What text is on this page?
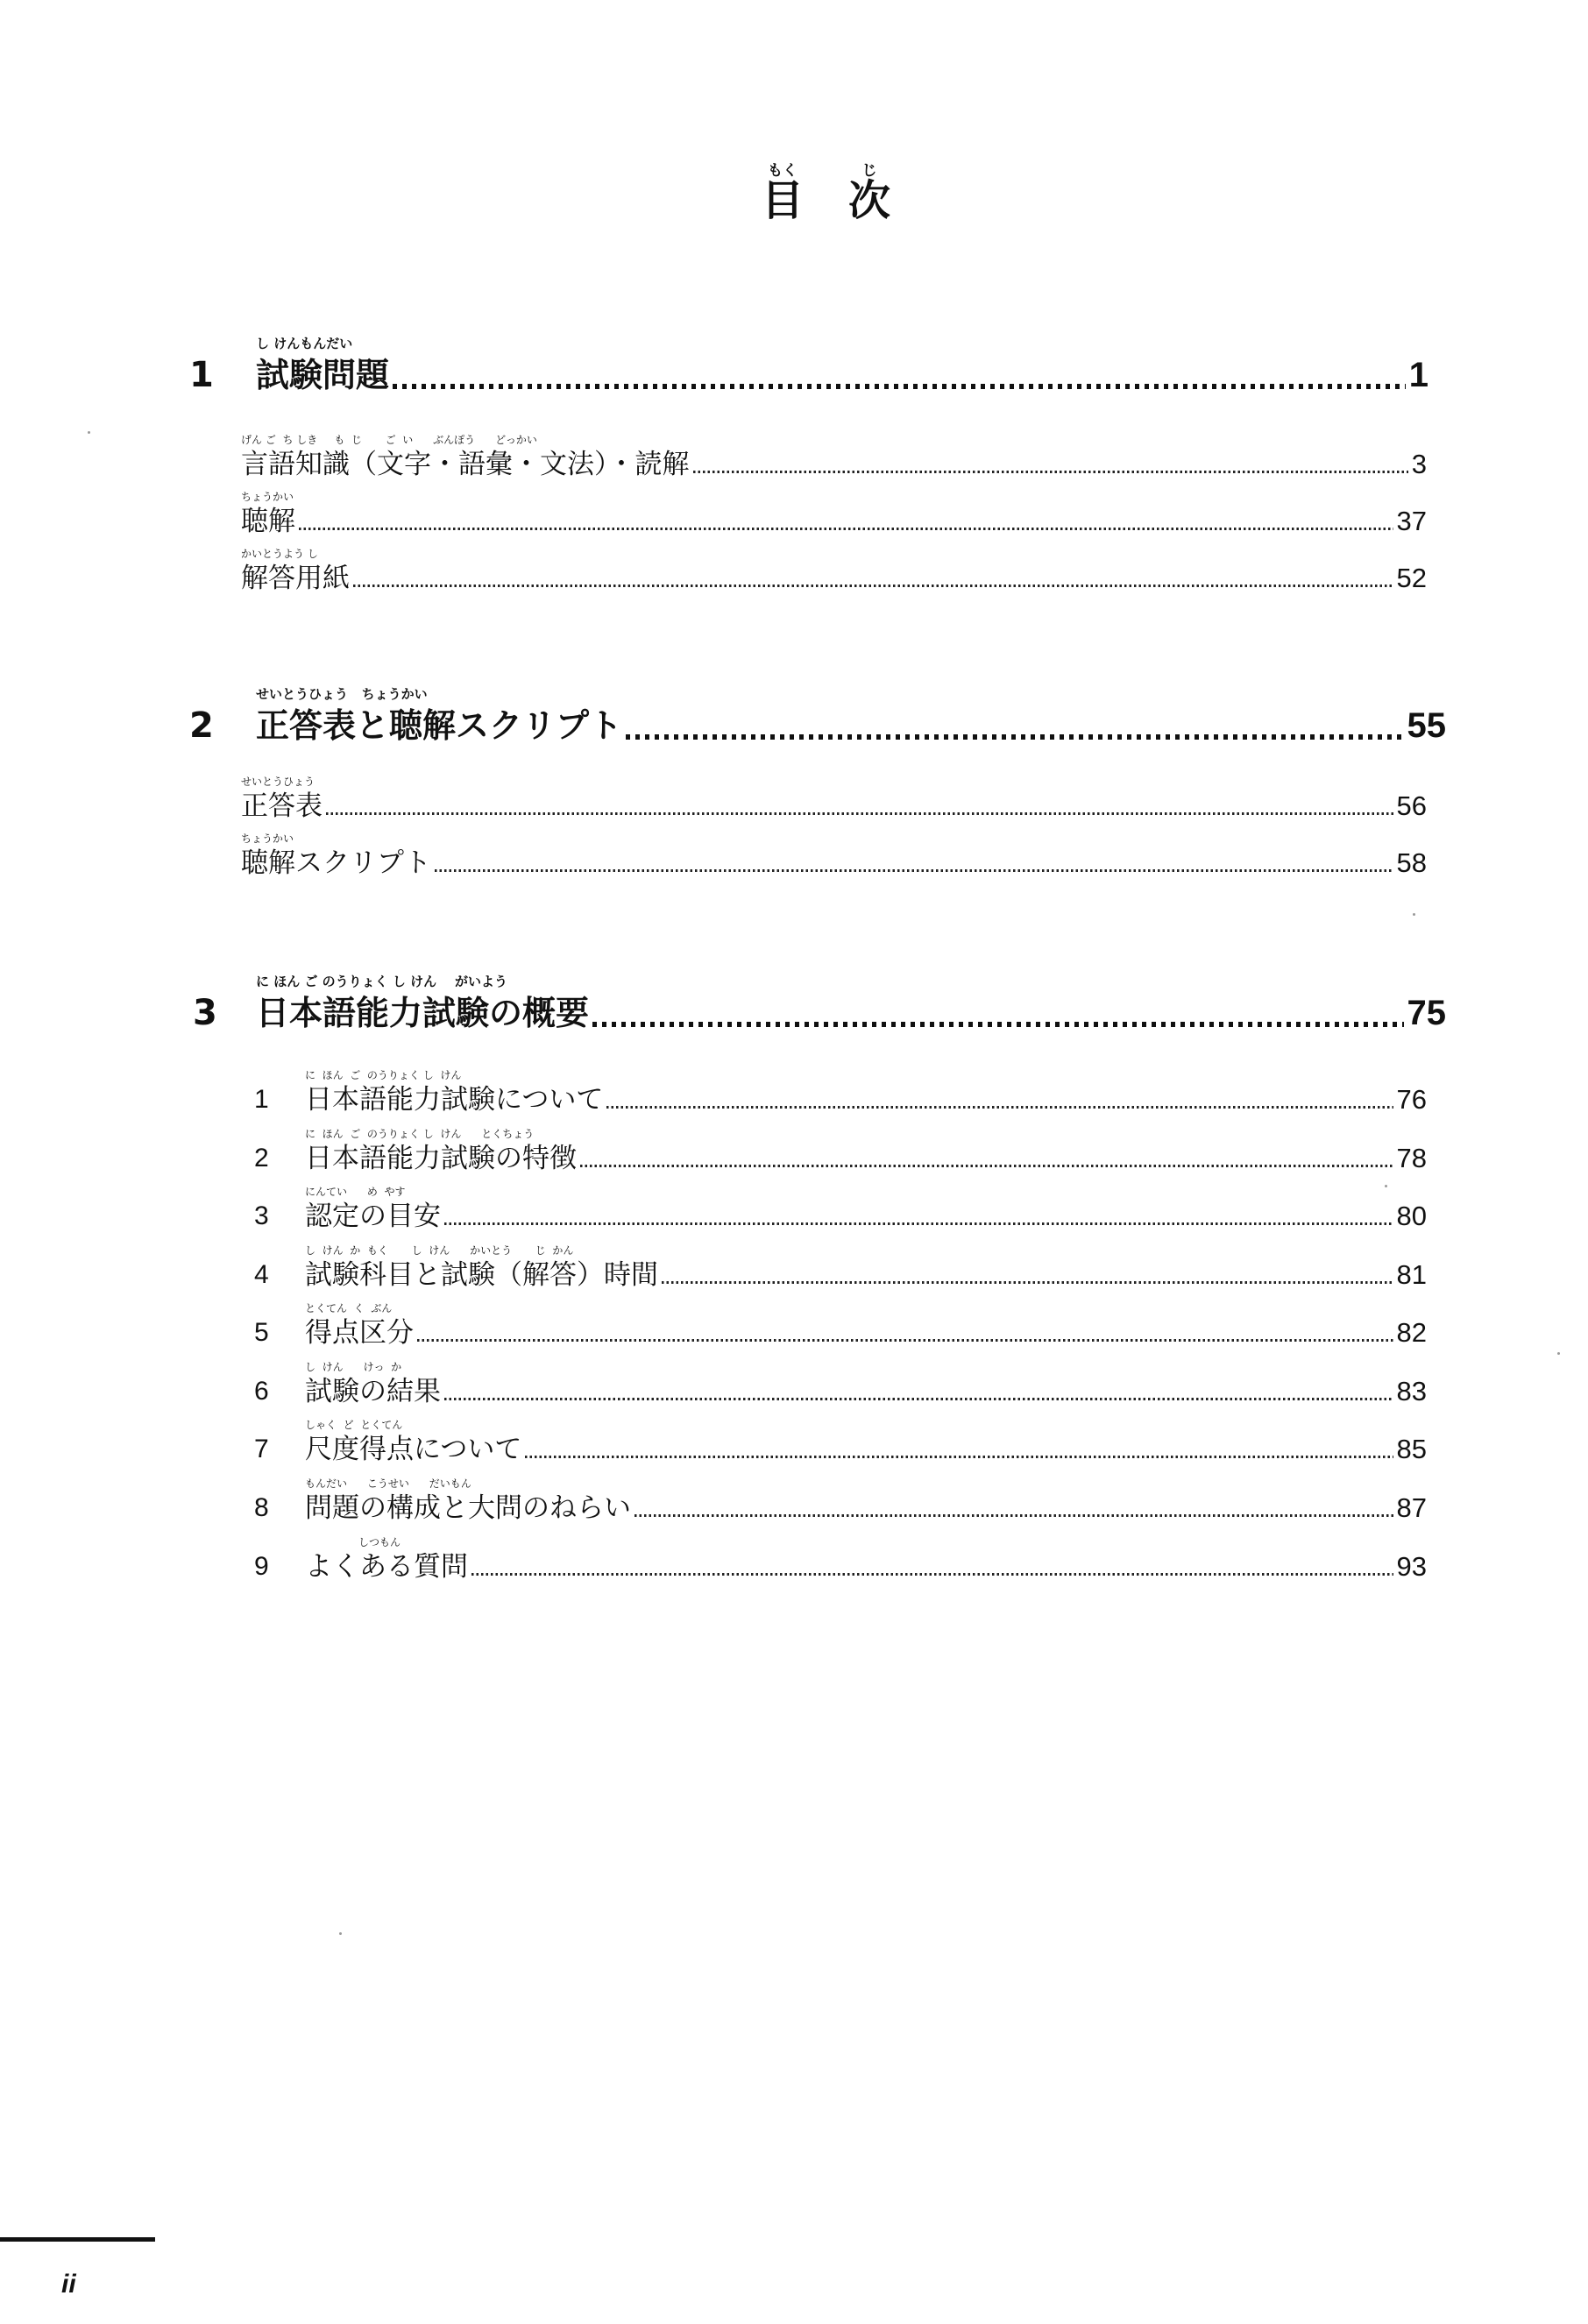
もく
目
じ
次
1
し けんもんだい
試験問題	1
げん ご  ち しき     も  じ       ご  い      ぶんぽう      どっかい
言語知識（文字・語彙・文法）・読解	3
ちょうかい
聴解	37
かいとうよう し
解答用紙	52
2
せいとうひょう   ちょうかい
正答表と聴解スクリプト	55
せいとうひょう
正答表	56
ちょうかい
聴解スクリプト	58
3
に ほん ご のうりょく し けん    がいよう
日本語能力試験の概要	75
1
に  ほん  ご  のうりょく し  けん
日本語能力試験について	76
2
に  ほん  ご  のうりょく し  けん      とくちょう
日本語能力試験の特徴	78
3
にんてい      め  やす
認定の目安	80
4
し  けん  か  もく       し  けん      かいとう       じ  かん
試験科目と試験（解答）時間	81
5
とくてん  く  ぶん
得点区分	82
6
し  けん      けっ  か
試験の結果	83
7
しゃく  ど  とくてん
尺度得点について	85
8
もんだい      こうせい      だいもん
問題の構成と大問のねらい	87
9
しつもん
よくある質問	93
ii
